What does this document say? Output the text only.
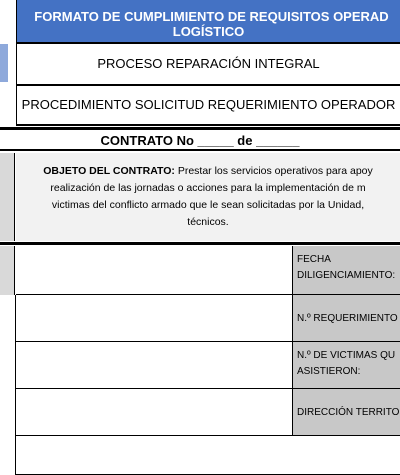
FORMATO DE CUMPLIMIENTO DE REQUISITOS OPERAD
LOGÍSTICO
PROCESO REPARACIÓN INTEGRAL
PROCEDIMIENTO SOLICITUD REQUERIMIENTO OPERADOR
CONTRATO No _____ de ______
OBJETO DEL CONTRATO: Prestar los servicios operativos para apoy
realización de las jornadas o acciones para la implementación de m
victimas del conflicto armado que le sean solicitadas por la Unidad,
técnicos.
FECHA
DILIGENCIAMIENTO:
N.º REQUERIMIENTO
N.º DE VICTIMAS QU
ASISTIERON:
DIRECCIÓN TERRITO
